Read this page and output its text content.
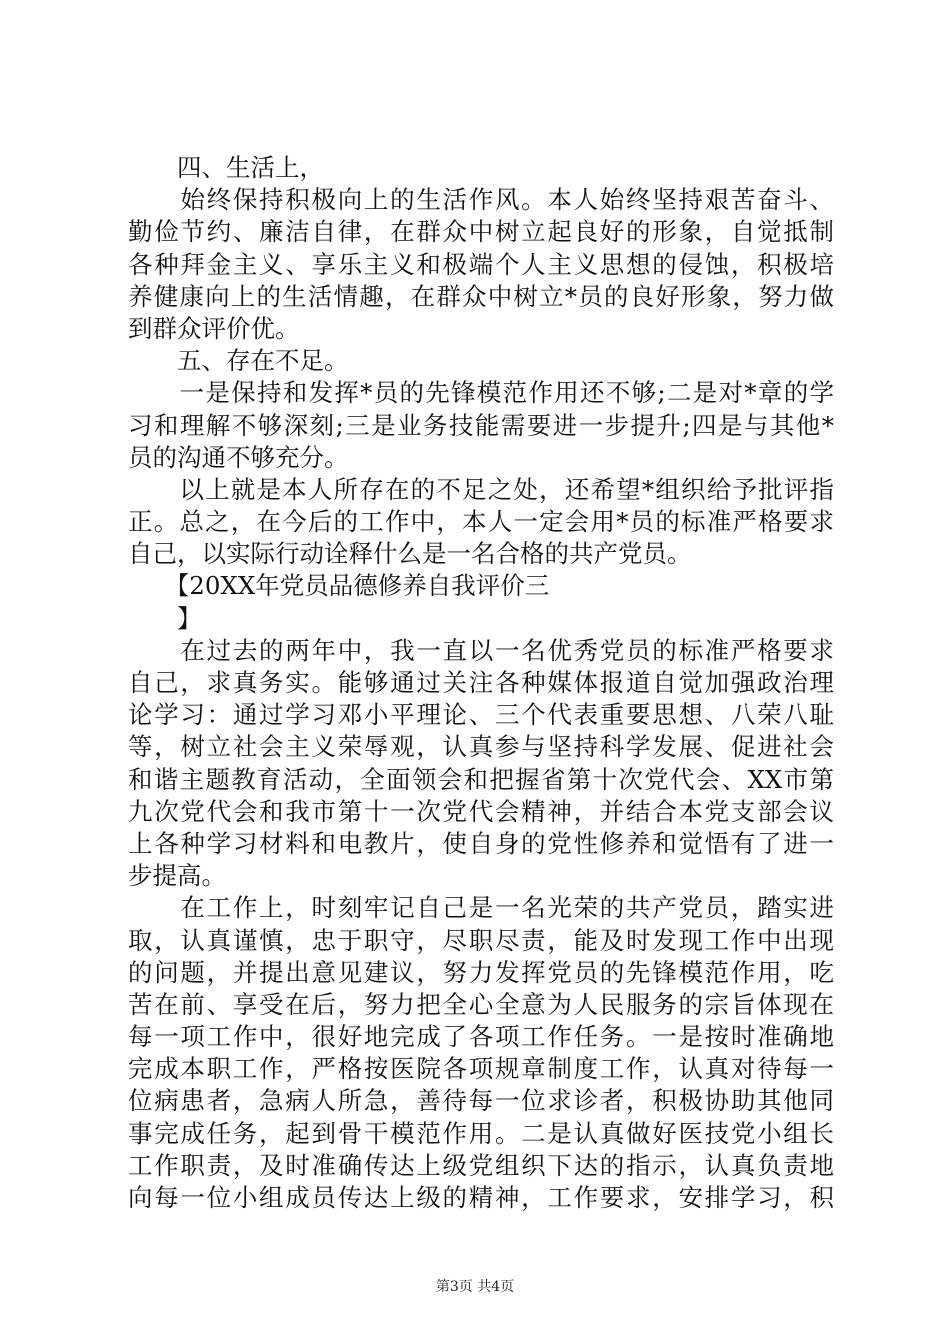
　　四、生活上，
　　始终保持积极向上的生活作风。本人始终坚持艰苦奋斗、
勤俭节约、廉洁自律，在群众中树立起良好的形象，自觉抵制
各种拜金主义、享乐主义和极端个人主义思想的侵蚀，积极培
养健康向上的生活情趣，在群众中树立*员的良好形象，努力做
到群众评价优。
　　五、存在不足。
　　一是保持和发挥*员的先锋模范作用还不够;二是对*章的学
习和理解不够深刻;三是业务技能需要进一步提升;四是与其他*
员的沟通不够充分。
　　以上就是本人所存在的不足之处，还希望*组织给予批评指
正。总之，在今后的工作中，本人一定会用*员的标准严格要求
自己，以实际行动诠释什么是一名合格的共产党员。
　　【20XX年党员品德修养自我评价三
　　】
　　在过去的两年中，我一直以一名优秀党员的标准严格要求
自己，求真务实。能够通过关注各种媒体报道自觉加强政治理
论学习：通过学习邓小平理论、三个代表重要思想、八荣八耻
等，树立社会主义荣辱观，认真参与坚持科学发展、促进社会
和谐主题教育活动，全面领会和把握省第十次党代会、XX市第
九次党代会和我市第十一次党代会精神，并结合本党支部会议
上各种学习材料和电教片，使自身的党性修养和觉悟有了进一
步提高。
　　在工作上，时刻牢记自己是一名光荣的共产党员，踏实进
取，认真谨慎，忠于职守，尽职尽责，能及时发现工作中出现
的问题，并提出意见建议，努力发挥党员的先锋模范作用，吃
苦在前、享受在后，努力把全心全意为人民服务的宗旨体现在
每一项工作中，很好地完成了各项工作任务。一是按时准确地
完成本职工作，严格按医院各项规章制度工作，认真对待每一
位病患者，急病人所急，善待每一位求诊者，积极协助其他同
事完成任务，起到骨干模范作用。二是认真做好医技党小组长
工作职责，及时准确传达上级党组织下达的指示，认真负责地
向每一位小组成员传达上级的精神，工作要求，安排学习，积
第3页 共4页
